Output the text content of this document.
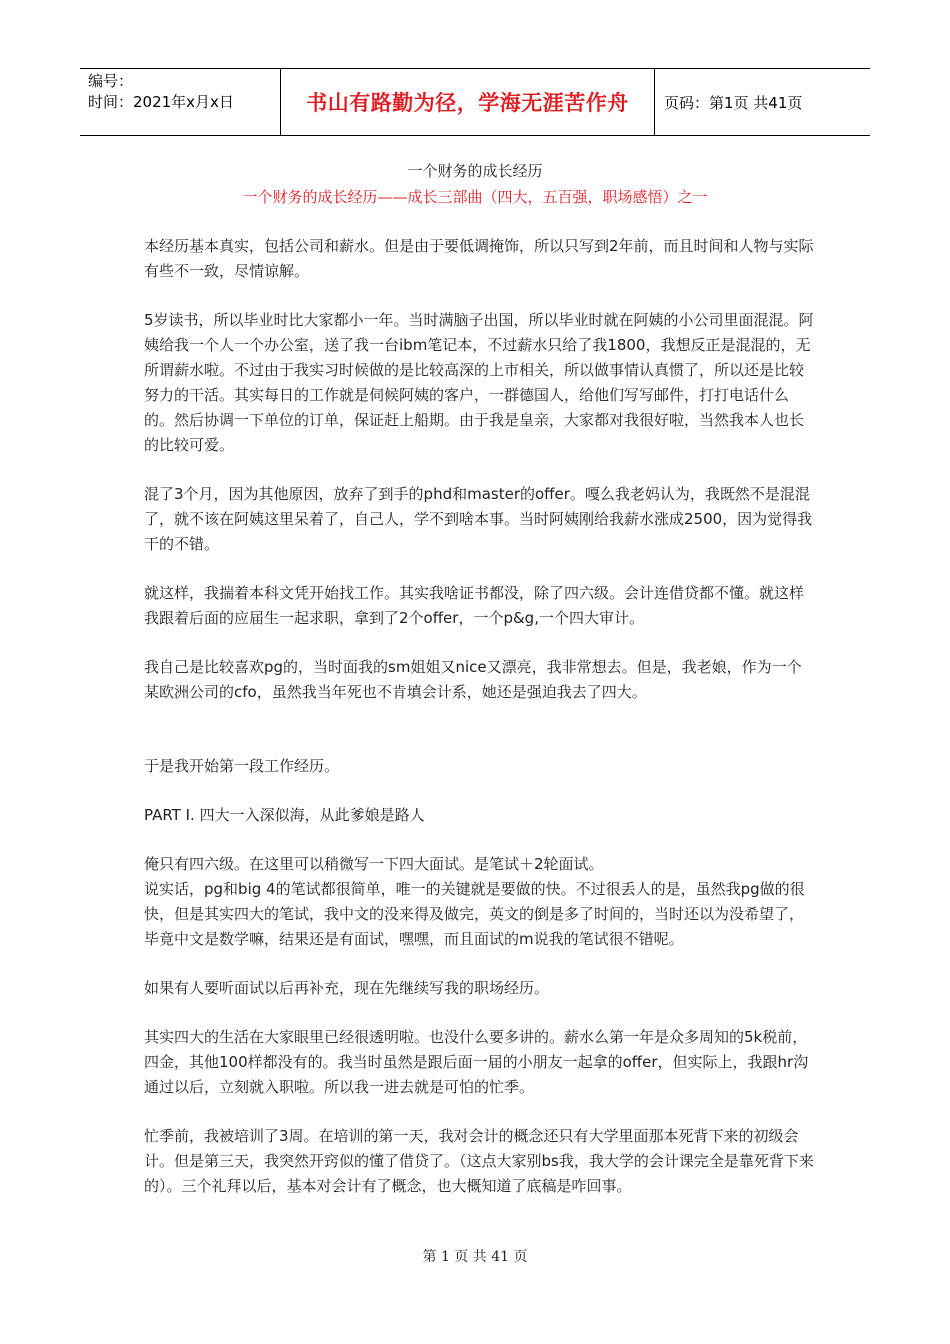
编号：
时间：2021年x月x日	书山有路勤为径，学海无涯苦作舟	页码：第1页 共41页
一个财务的成长经历
一个财务的成长经历——成长三部曲（四大，五百强，职场感悟）之一

本经历基本真实，包括公司和薪水。但是由于要低调掩饰，所以只写到2年前，而且时间和人物与实际有些不一致，尽情谅解。

5岁读书，所以毕业时比大家都小一年。当时满脑子出国，所以毕业时就在阿姨的小公司里面混混。阿姨给我一个人一个办公室，送了我一台ibm笔记本，不过薪水只给了我1800，我想反正是混混的，无所谓薪水啦。不过由于我实习时候做的是比较高深的上市相关，所以做事情认真惯了，所以还是比较努力的干活。其实每日的工作就是伺候阿姨的客户，一群德国人，给他们写写邮件，打打电话什么的。然后协调一下单位的订单，保证赶上船期。由于我是皇亲，大家都对我很好啦，当然我本人也长的比较可爱。

混了3个月，因为其他原因，放弃了到手的phd和master的offer。嘎么我老妈认为，我既然不是混混了，就不该在阿姨这里呆着了，自己人，学不到啥本事。当时阿姨刚给我薪水涨成2500，因为觉得我干的不错。

就这样，我揣着本科文凭开始找工作。其实我啥证书都没，除了四六级。会计连借贷都不懂。就这样我跟着后面的应届生一起求职，拿到了2个offer，一个p&g,一个四大审计。

我自己是比较喜欢pg的，当时面我的sm姐姐又nice又漂亮，我非常想去。但是，我老娘，作为一个某欧洲公司的cfo，虽然我当年死也不肯填会计系，她还是强迫我去了四大。

于是我开始第一段工作经历。

PART I. 四大一入深似海，从此爹娘是路人

俺只有四六级。在这里可以稍微写一下四大面试。是笔试＋2轮面试。

说实话，pg和big 4的笔试都很简单，唯一的关键就是要做的快。不过很丢人的是，虽然我pg做的很快，但是其实四大的笔试，我中文的没来得及做完，英文的倒是多了时间的，当时还以为没希望了，毕竟中文是数学嘛，结果还是有面试，嘿嘿，而且面试的m说我的笔试很不错呢。

如果有人要听面试以后再补充，现在先继续写我的职场经历。

其实四大的生活在大家眼里已经很透明啦。也没什么要多讲的。薪水么第一年是众多周知的5k税前，四金，其他100样都没有的。我当时虽然是跟后面一届的小朋友一起拿的offer，但实际上，我跟hr沟通过以后，立刻就入职啦。所以我一进去就是可怕的忙季。

忙季前，我被培训了3周。在培训的第一天，我对会计的概念还只有大学里面那本死背下来的初级会计。但是第三天，我突然开窍似的懂了借贷了。（这点大家别bs我，我大学的会计课完全是靠死背下来的）。三个礼拜以后，基本对会计有了概念，也大概知道了底稿是咋回事。

第 1 页 共 41 页
